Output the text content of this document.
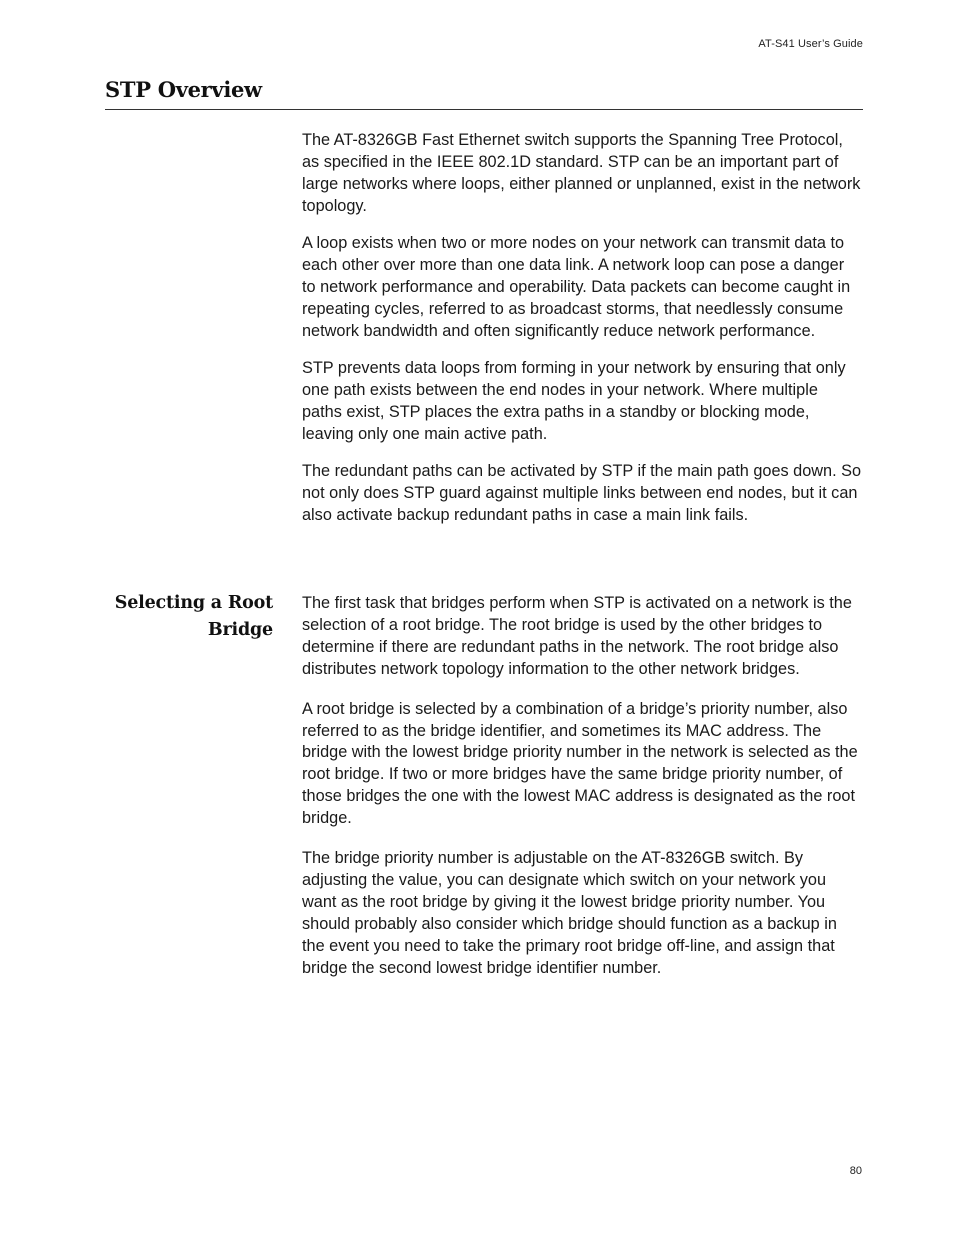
AT-S41 User’s Guide
STP Overview

The AT-8326GB Fast Ethernet switch supports the Spanning Tree Protocol, as specified in the IEEE 802.1D standard. STP can be an important part of large networks where loops, either planned or unplanned, exist in the network topology.

A loop exists when two or more nodes on your network can transmit data to each other over more than one data link. A network loop can pose a danger to network performance and operability. Data packets can become caught in repeating cycles, referred to as broadcast storms, that needlessly consume network bandwidth and often significantly reduce network performance.

STP prevents data loops from forming in your network by ensuring that only one path exists between the end nodes in your network. Where multiple paths exist, STP places the extra paths in a standby or blocking mode, leaving only one main active path.

The redundant paths can be activated by STP if the main path goes down. So not only does STP guard against multiple links between end nodes, but it can also activate backup redundant paths in case a main link fails.

Selecting a Root Bridge

The first task that bridges perform when STP is activated on a network is the selection of a root bridge. The root bridge is used by the other bridges to determine if there are redundant paths in the network. The root bridge also distributes network topology information to the other network bridges.

A root bridge is selected by a combination of a bridge’s priority number, also referred to as the bridge identifier, and sometimes its MAC address. The bridge with the lowest bridge priority number in the network is selected as the root bridge. If two or more bridges have the same bridge priority number, of those bridges the one with the lowest MAC address is designated as the root bridge.

The bridge priority number is adjustable on the AT-8326GB switch. By adjusting the value, you can designate which switch on your network you want as the root bridge by giving it the lowest bridge priority number. You should probably also consider which bridge should function as a backup in the event you need to take the primary root bridge off-line, and assign that bridge the second lowest bridge identifier number.

80
